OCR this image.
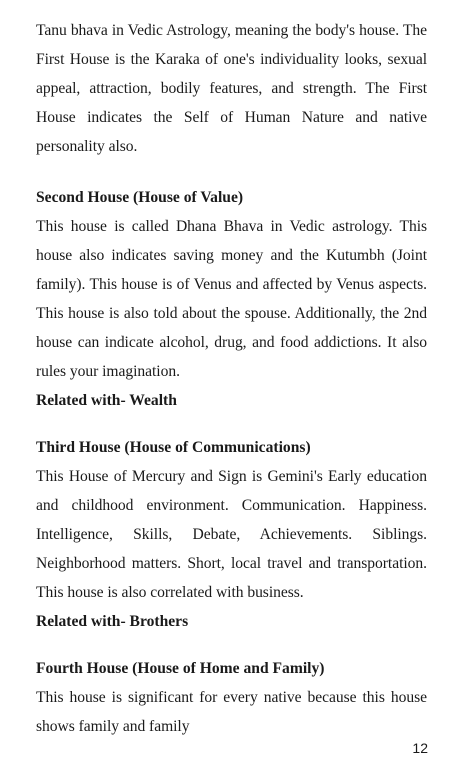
Tanu bhava in Vedic Astrology, meaning the body's house. The First House is the Karaka of one's individuality looks, sexual appeal, attraction, bodily features, and strength. The First House indicates the Self of Human Nature and native personality also.

Second House (House of Value)

This house is called Dhana Bhava in Vedic astrology. This house also indicates saving money and the Kutumbh (Joint family). This house is of Venus and affected by Venus aspects. This house is also told about the spouse. Additionally, the 2nd house can indicate alcohol, drug, and food addictions. It also rules your imagination.

Related with- Wealth
Third House (House of Communications)

This House of Mercury and Sign is Gemini's Early education and childhood environment. Communication. Happiness. Intelligence, Skills, Debate, Achievements. Siblings. Neighborhood matters. Short, local travel and transportation. This house is also correlated with business.

Related with- Brothers
Fourth House (House of Home and Family)

This house is significant for every native because this house shows family and family

12
